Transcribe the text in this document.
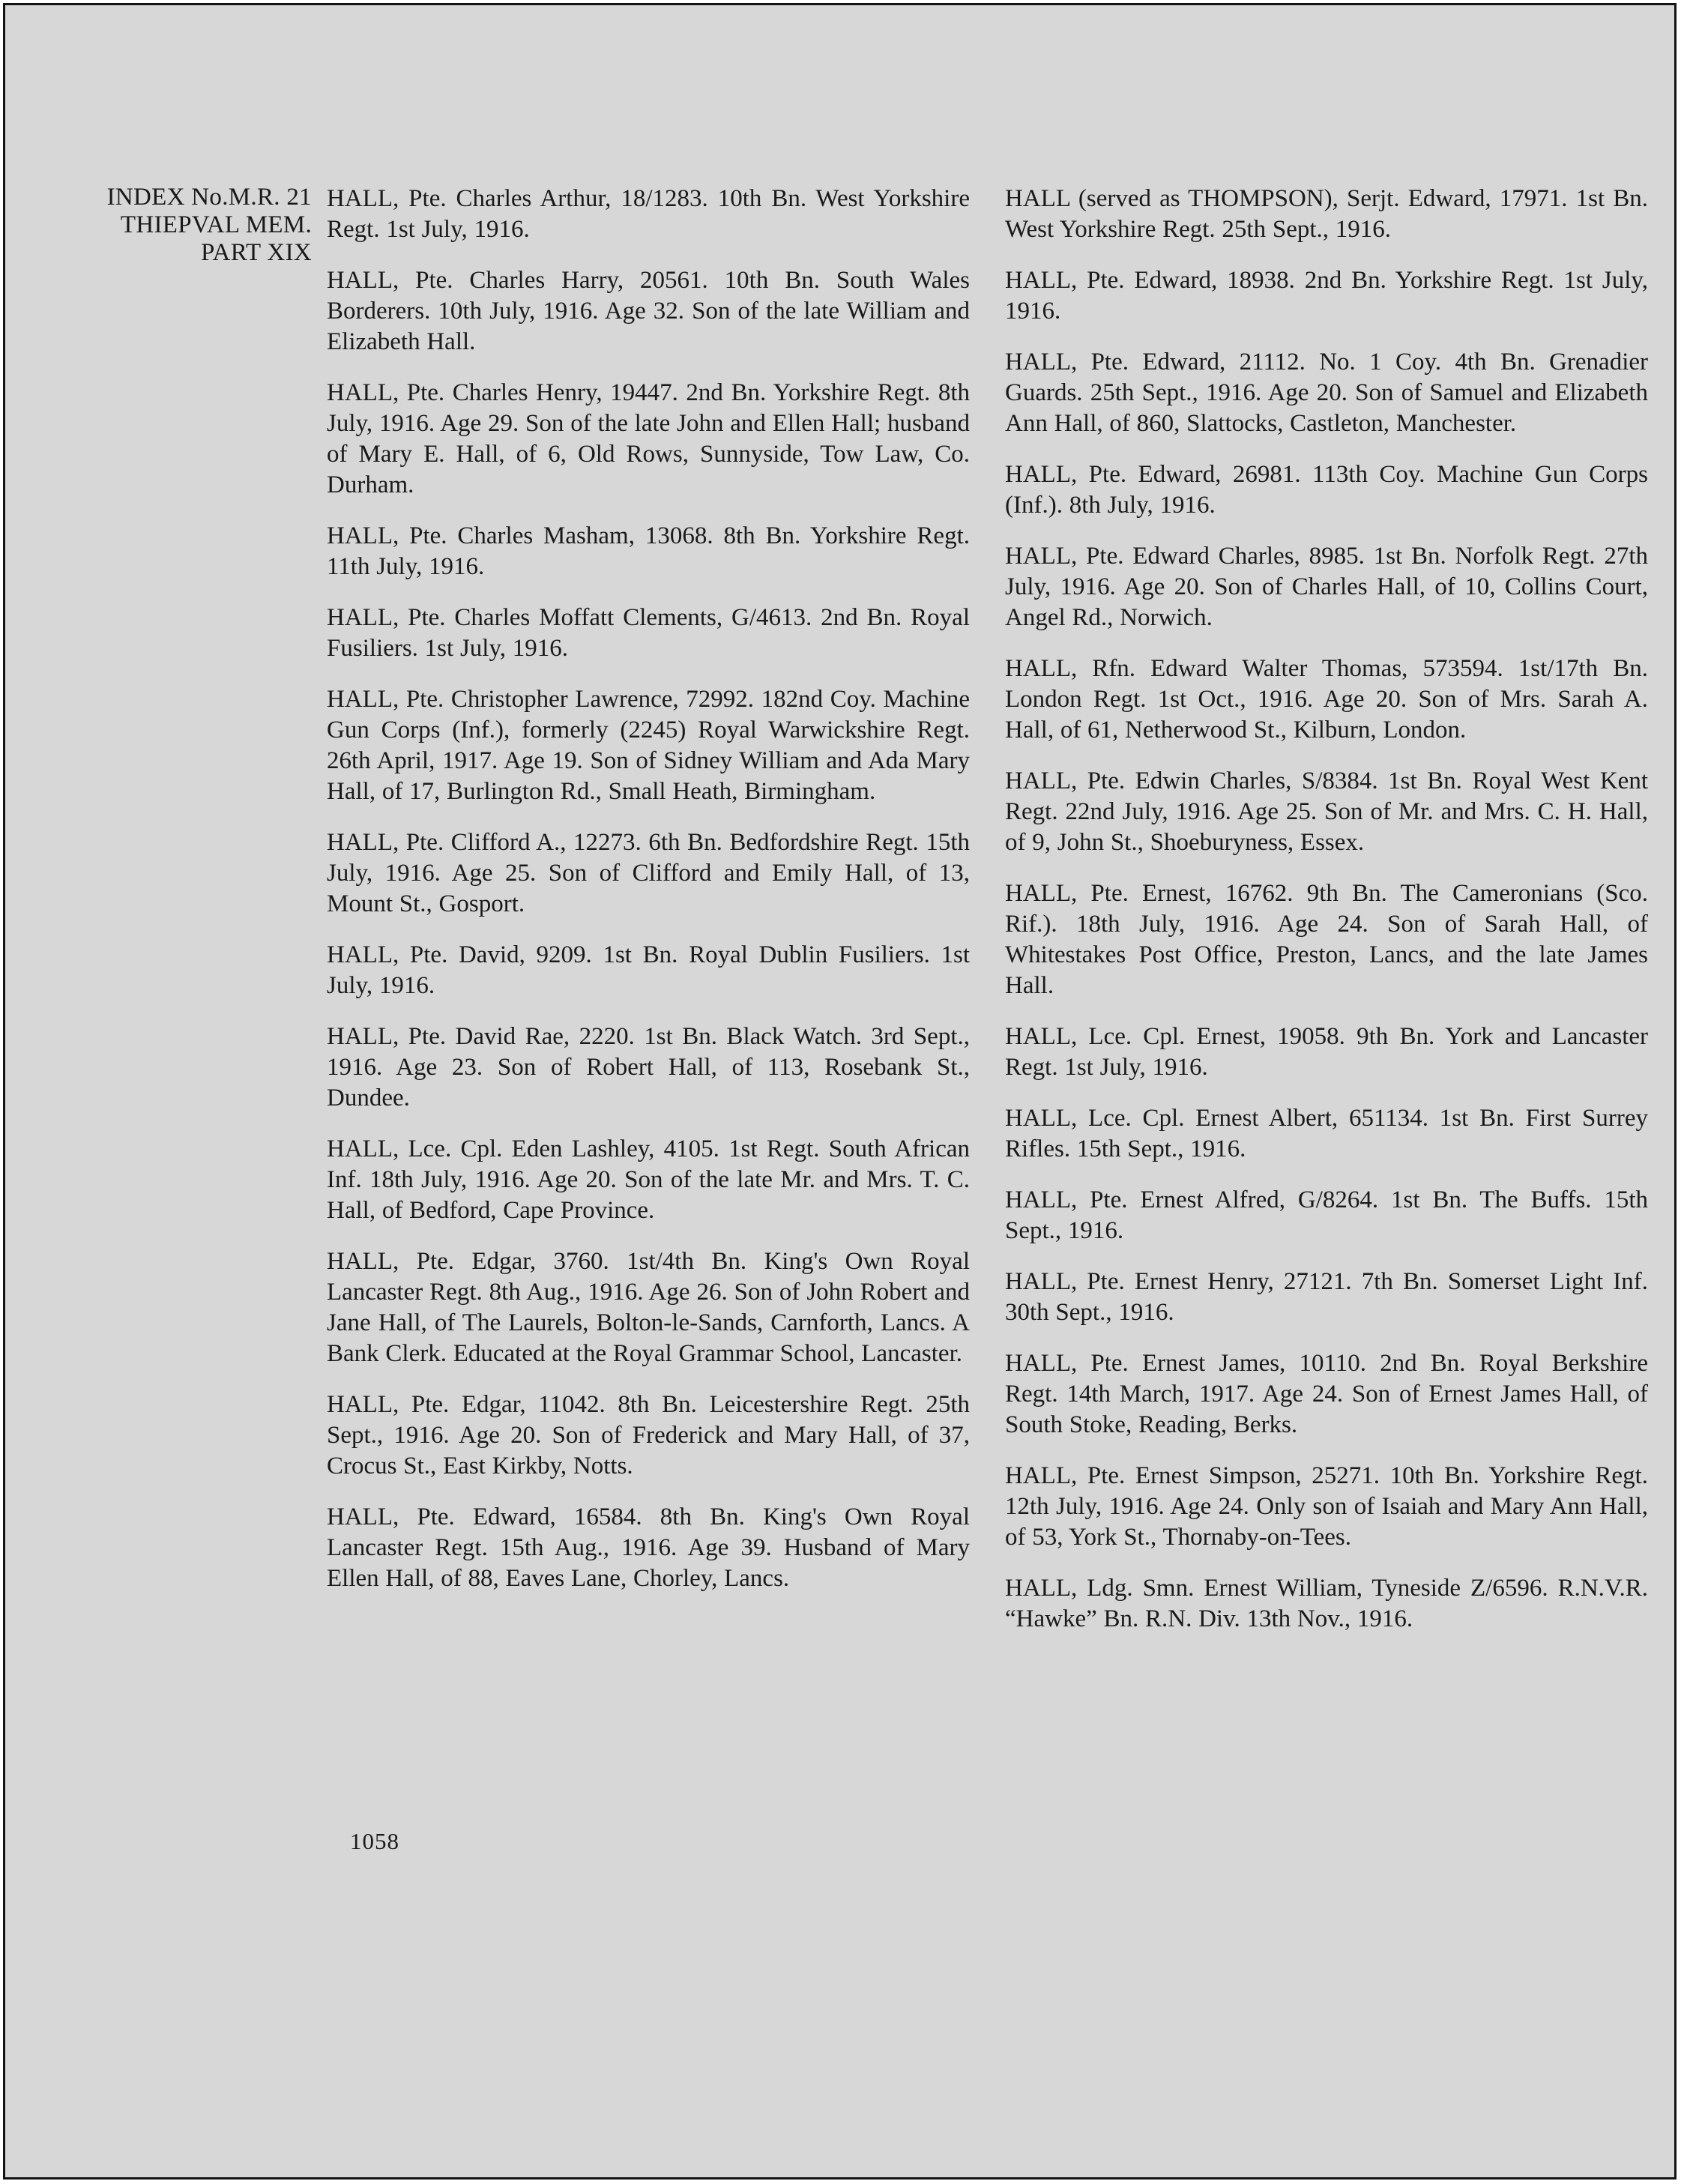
INDEX No.M.R. 21
THIEPVAL MEM.
PART XIX

HALL, Pte. Charles Arthur, 18/1283. 10th Bn. West Yorkshire Regt. 1st July, 1916.

HALL, Pte. Charles Harry, 20561. 10th Bn. South Wales Borderers. 10th July, 1916. Age 32. Son of the late William and Elizabeth Hall.

HALL, Pte. Charles Henry, 19447. 2nd Bn. Yorkshire Regt. 8th July, 1916. Age 29. Son of the late John and Ellen Hall; husband of Mary E. Hall, of 6, Old Rows, Sunnyside, Tow Law, Co. Durham.

HALL, Pte. Charles Masham, 13068. 8th Bn. Yorkshire Regt. 11th July, 1916.

HALL, Pte. Charles Moffatt Clements, G/4613. 2nd Bn. Royal Fusiliers. 1st July, 1916.

HALL, Pte. Christopher Lawrence, 72992. 182nd Coy. Machine Gun Corps (Inf.), formerly (2245) Royal Warwickshire Regt. 26th April, 1917. Age 19. Son of Sidney William and Ada Mary Hall, of 17, Burlington Rd., Small Heath, Birmingham.

HALL, Pte. Clifford A., 12273. 6th Bn. Bedfordshire Regt. 15th July, 1916. Age 25. Son of Clifford and Emily Hall, of 13, Mount St., Gosport.

HALL, Pte. David, 9209. 1st Bn. Royal Dublin Fusiliers. 1st July, 1916.

HALL, Pte. David Rae, 2220. 1st Bn. Black Watch. 3rd Sept., 1916. Age 23. Son of Robert Hall, of 113, Rosebank St., Dundee.

HALL, Lce. Cpl. Eden Lashley, 4105. 1st Regt. South African Inf. 18th July, 1916. Age 20. Son of the late Mr. and Mrs. T. C. Hall, of Bedford, Cape Province.

HALL, Pte. Edgar, 3760. 1st/4th Bn. King's Own Royal Lancaster Regt. 8th Aug., 1916. Age 26. Son of John Robert and Jane Hall, of The Laurels, Bolton-le-Sands, Carnforth, Lancs. A Bank Clerk. Educated at the Royal Grammar School, Lancaster.

HALL, Pte. Edgar, 11042. 8th Bn. Leicestershire Regt. 25th Sept., 1916. Age 20. Son of Frederick and Mary Hall, of 37, Crocus St., East Kirkby, Notts.

HALL, Pte. Edward, 16584. 8th Bn. King's Own Royal Lancaster Regt. 15th Aug., 1916. Age 39. Husband of Mary Ellen Hall, of 88, Eaves Lane, Chorley, Lancs.

HALL (served as THOMPSON), Serjt. Edward, 17971. 1st Bn. West Yorkshire Regt. 25th Sept., 1916.

HALL, Pte. Edward, 18938. 2nd Bn. Yorkshire Regt. 1st July, 1916.

HALL, Pte. Edward, 21112. No. 1 Coy. 4th Bn. Grenadier Guards. 25th Sept., 1916. Age 20. Son of Samuel and Elizabeth Ann Hall, of 860, Slattocks, Castleton, Manchester.

HALL, Pte. Edward, 26981. 113th Coy. Machine Gun Corps (Inf.). 8th July, 1916.

HALL, Pte. Edward Charles, 8985. 1st Bn. Norfolk Regt. 27th July, 1916. Age 20. Son of Charles Hall, of 10, Collins Court, Angel Rd., Norwich.

HALL, Rfn. Edward Walter Thomas, 573594. 1st/17th Bn. London Regt. 1st Oct., 1916. Age 20. Son of Mrs. Sarah A. Hall, of 61, Netherwood St., Kilburn, London.

HALL, Pte. Edwin Charles, S/8384. 1st Bn. Royal West Kent Regt. 22nd July, 1916. Age 25. Son of Mr. and Mrs. C. H. Hall, of 9, John St., Shoeburyness, Essex.

HALL, Pte. Ernest, 16762. 9th Bn. The Cameronians (Sco. Rif.). 18th July, 1916. Age 24. Son of Sarah Hall, of Whitestakes Post Office, Preston, Lancs, and the late James Hall.

HALL, Lce. Cpl. Ernest, 19058. 9th Bn. York and Lancaster Regt. 1st July, 1916.

HALL, Lce. Cpl. Ernest Albert, 651134. 1st Bn. First Surrey Rifles. 15th Sept., 1916.

HALL, Pte. Ernest Alfred, G/8264. 1st Bn. The Buffs. 15th Sept., 1916.

HALL, Pte. Ernest Henry, 27121. 7th Bn. Somerset Light Inf. 30th Sept., 1916.

HALL, Pte. Ernest James, 10110. 2nd Bn. Royal Berkshire Regt. 14th March, 1917. Age 24. Son of Ernest James Hall, of South Stoke, Reading, Berks.

HALL, Pte. Ernest Simpson, 25271. 10th Bn. Yorkshire Regt. 12th July, 1916. Age 24. Only son of Isaiah and Mary Ann Hall, of 53, York St., Thornaby-on-Tees.

HALL, Ldg. Smn. Ernest William, Tyneside Z/6596. R.N.V.R. “Hawke” Bn. R.N. Div. 13th Nov., 1916.

1058
